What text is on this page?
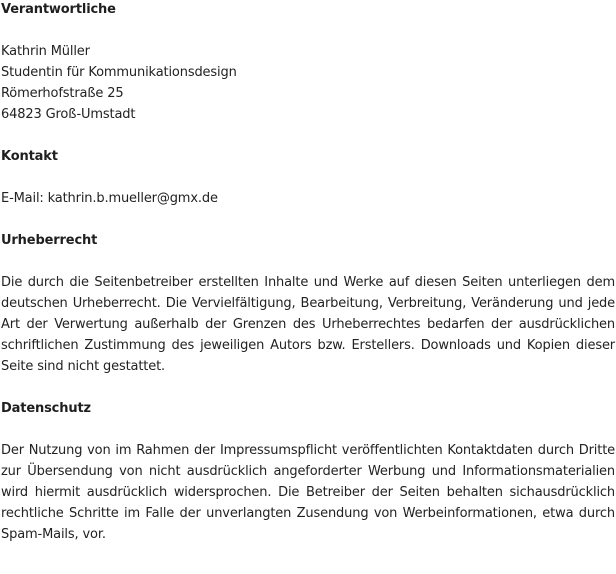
Verantwortliche

Kathrin Müller

Studentin für Kommunikationsdesign

Römerhofstraße 25

64823 Groß-Umstadt

Kontakt

E-Mail: kathrin.b.mueller@gmx.de

Urheberrecht

Die durch die Seitenbetreiber erstellten Inhalte und Werke auf diesen Seiten unterliegen dem deutschen Urheberrecht. Die Vervielfältigung, Bearbeitung, Verbreitung, Veränderung und jede Art der Verwertung außerhalb der Grenzen des Urheberrechtes bedarfen der ausdrücklichen schriftlichen Zustimmung des jeweiligen Autors bzw. Erstellers. Downloads und Kopien dieser Seite sind nicht gestattet.

Datenschutz

Der Nutzung von im Rahmen der Impressumspflicht veröffentlichten Kontaktdaten durch Dritte zur Übersendung von nicht ausdrücklich angeforderter Werbung und Informationsmaterialien wird hiermit ausdrücklich widersprochen. Die Betreiber der Seiten behalten sichausdrücklich rechtliche Schritte im Falle der unverlangten Zusendung von Werbeinformationen, etwa durch Spam-Mails, vor.
